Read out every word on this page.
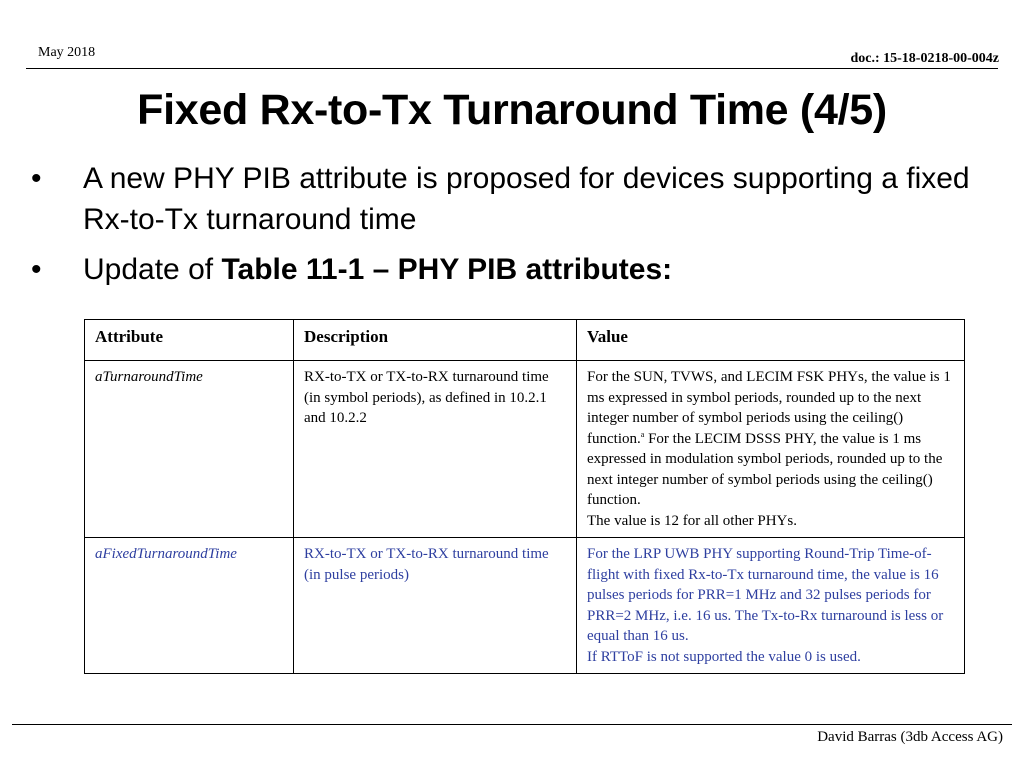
May 2018	doc.: 15-18-0218-00-004z
Fixed Rx-to-Tx Turnaround Time (4/5)
• A new PHY PIB attribute is proposed for devices supporting a fixed Rx-to-Tx turnaround time
• Update of Table 11-1 – PHY PIB attributes:
Attribute	Description	Value
aTurnaroundTime	RX-to-TX or TX-to-RX turnaround time (in symbol periods), as defined in 10.2.1 and 10.2.2	For the SUN, TVWS, and LECIM FSK PHYs, the value is 1 ms expressed in symbol periods, rounded up to the next integer number of symbol periods using the ceiling() function.$^a$ For the LECIM DSSS PHY, the value is 1 ms expressed in modulation symbol periods, rounded up to the next integer number of symbol periods using the ceiling() function.
The value is 12 for all other PHYs.

aFixedTurnaroundTime	RX-to-TX or TX-to-RX turnaround time (in pulse periods)	For the LRP UWB PHY supporting Round-Trip Time-of-flight with fixed Rx-to-Tx turnaround time, the value is 16 pulses periods for PRR=1 MHz and 32 pulses periods for PRR=2 MHz, i.e. 16 us. The Tx-to-Rx turnaround is less or equal than 16 us.
If RTToF is not supported the value 0 is used.
David Barras (3db Access AG)
